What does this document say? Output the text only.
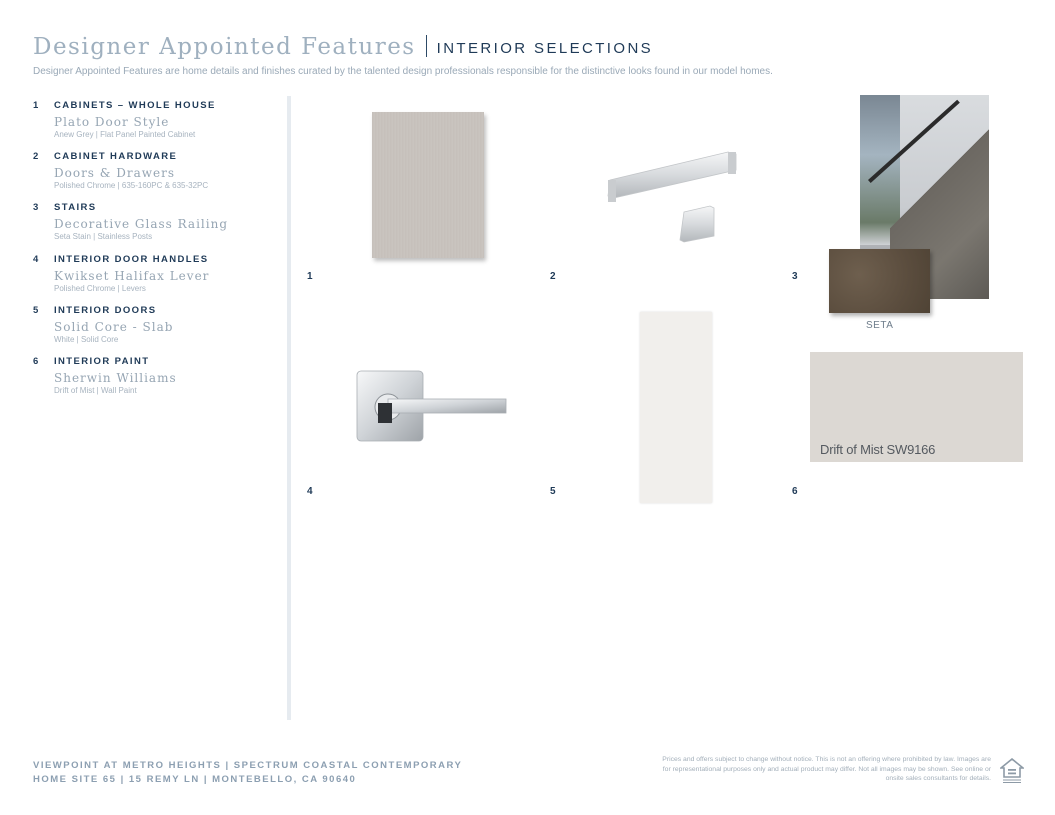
Designer Appointed Features INTERIOR SELECTIONS
Designer Appointed Features are home details and finishes curated by the talented design professionals responsible for the distinctive looks found in our model homes.
1	CABINETS – WHOLE HOUSE
Plato Door Style
Anew Grey | Flat Panel Painted Cabinet
2	CABINET HARDWARE
Doors & Drawers
Polished Chrome | 635-160PC & 635-32PC
3	STAIRS
Decorative Glass Railing
Seta Stain | Stainless Posts
4	INTERIOR DOOR HANDLES
Kwikset Halifax Lever
Polished Chrome | Levers
5	INTERIOR DOORS
Solid Core - Slab
White | Solid Core
6	INTERIOR PAINT
Sherwin Williams
Drift of Mist | Wall Paint
1	2
SETA
3
4	5
Drift of Mist SW9166
6
VIEWPOINT AT METRO HEIGHTS | SPECTRUM COASTAL CONTEMPORARY
HOME SITE 65 | 15 REMY LN | MONTEBELLO, CA 90640
Prices and offers subject to change without notice. This is not an offering where prohibited by law. Images are for representational purposes only and actual product may differ. Not all images may be shown. See online or onsite sales consultants for details.
